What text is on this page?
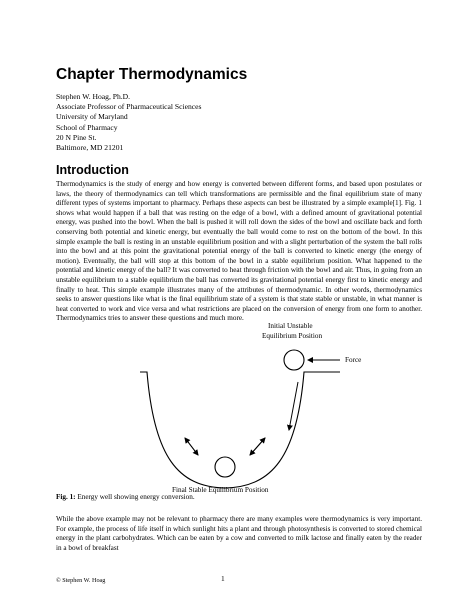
Chapter Thermodynamics
Stephen W. Hoag, Ph.D.
Associate Professor of Pharmaceutical Sciences
University of Maryland
School of Pharmacy
20 N Pine St.
Baltimore, MD 21201
Introduction

Thermodynamics is the study of energy and how energy is converted between different forms, and based upon postulates or laws, the theory of thermodynamics can tell which transformations are permissible and the final equilibrium state of many different types of systems important to pharmacy. Perhaps these aspects can best be illustrated by a simple example[1]. Fig. 1 shows what would happen if a ball that was resting on the edge of a bowl, with a defined amount of gravitational potential energy, was pushed into the bowl. When the ball is pushed it will roll down the sides of the bowl and oscillate back and forth conserving both potential and kinetic energy, but eventually the ball would come to rest on the bottom of the bowl. In this simple example the ball is resting in an unstable equilibrium position and with a slight perturbation of the system the ball rolls into the bowl and at this point the gravitational potential energy of the ball is converted to kinetic energy (the energy of motion). Eventually, the ball will stop at this bottom of the bowl in a stable equilibrium position. What happened to the potential and kinetic energy of the ball? It was converted to heat through friction with the bowl and air. Thus, in going from an unstable equilibrium to a stable equilibrium the ball has converted its gravitational potential energy first to kinetic energy and finally to heat. This simple example illustrates many of the attributes of thermodynamic. In other words, thermodynamics seeks to answer questions like what is the final equilibrium state of a system is that state stable or unstable, in what manner is heat converted to work and vice versa and what restrictions are placed on the conversion of energy from one form to another. Thermodynamics tries to answer these questions and much more.

Initial Unstable
Equilibrium Position
Force
Final Stable Equilibrium Position
Fig. 1: Energy well showing energy conversion.

While the above example may not be relevant to pharmacy there are many examples were thermodynamics is very important. For example, the process of life itself in which sunlight hits a plant and through photosynthesis is converted to stored chemical energy in the plant carbohydrates. Which can be eaten by a cow and converted to milk lactose and finally eaten by the reader in a bowl of breakfast

© Stephen W. Hoag	1
